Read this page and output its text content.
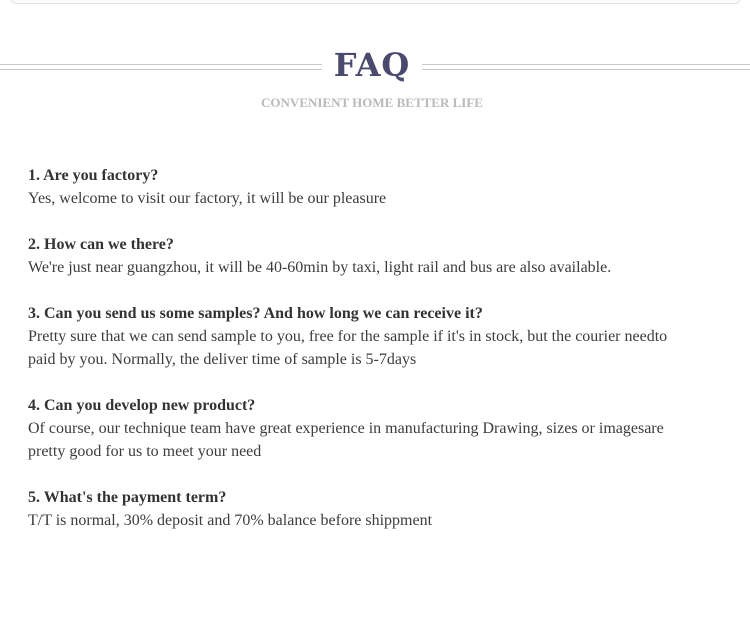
FAQ

CONVENIENT HOME BETTER LIFE

1. Are you factory?

Yes, welcome to visit our factory, it will be our pleasure

2. How can we there?

We're just near guangzhou, it will be 40-60min by taxi, light rail and bus are also available.

3. Can you send us some samples? And how long we can receive it?

Pretty sure that we can send sample to you, free for the sample if it's in stock, but the courier needto
paid by you. Normally, the deliver time of sample is 5-7days

4. Can you develop new product?

Of course, our technique team have great experience in manufacturing Drawing, sizes or imagesare
pretty good for us to meet your need

5. What's the payment term?

T/T is normal, 30% deposit and 70% balance before shippment
